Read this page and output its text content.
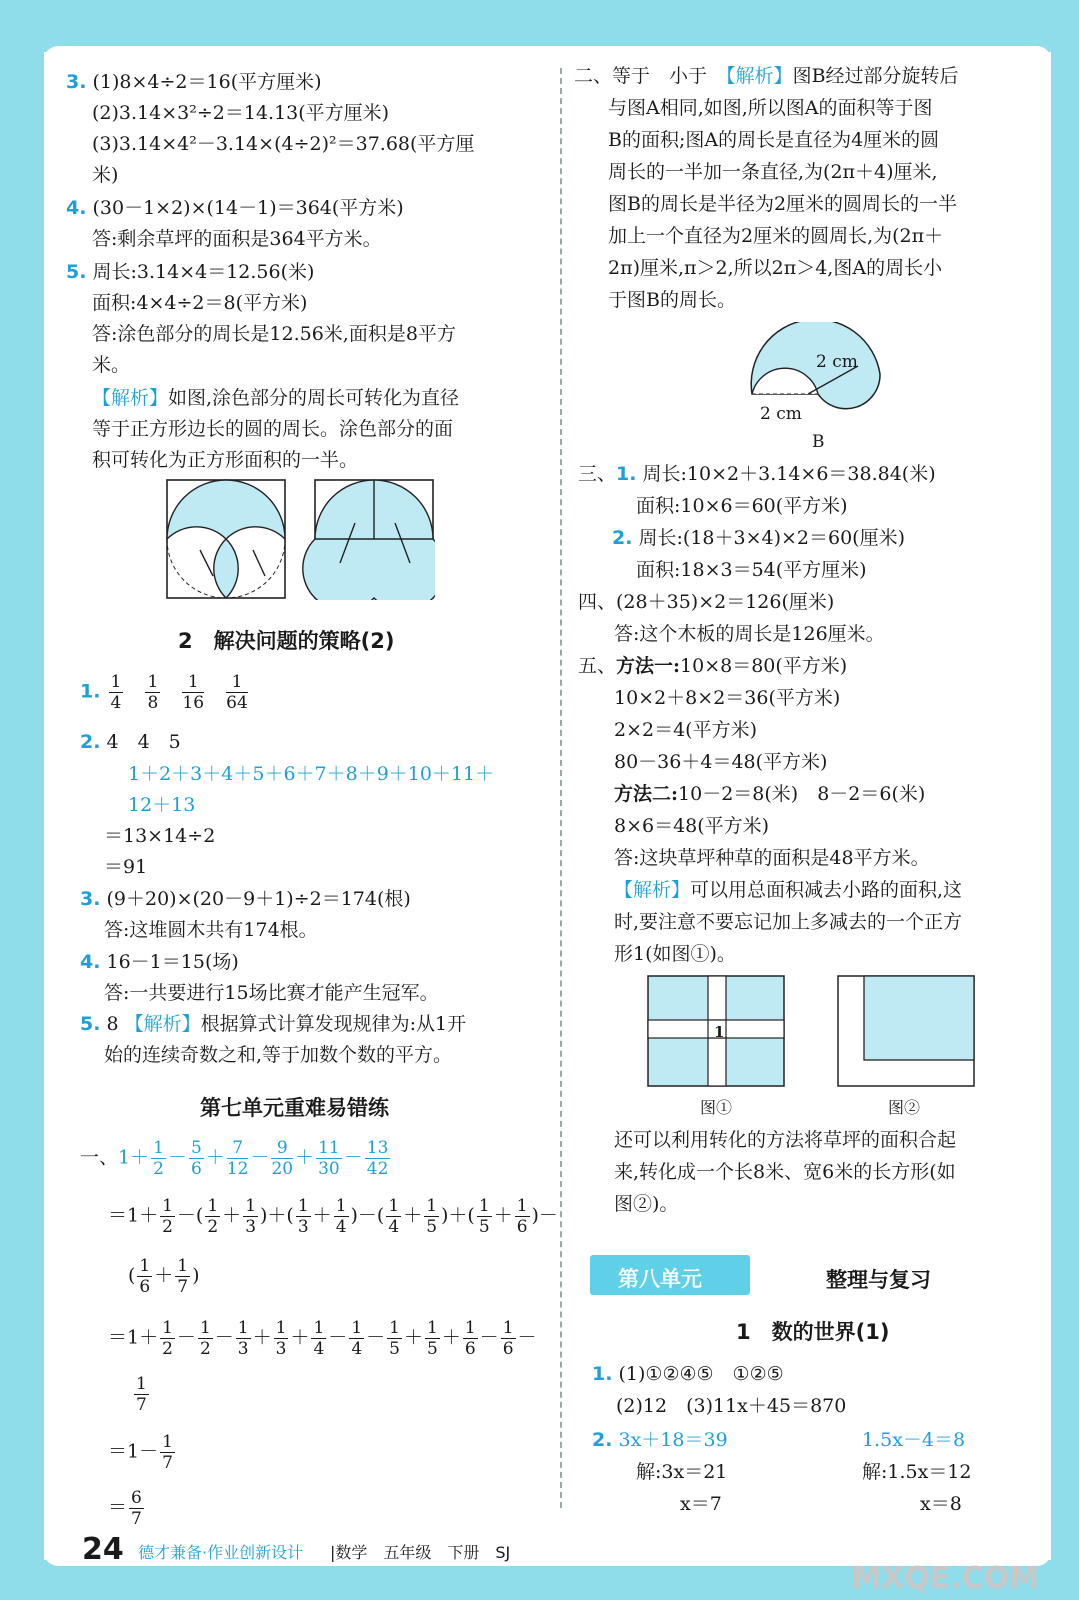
3. (1)8×4÷2＝16(平方厘米)
(2)3.14×3²÷2＝14.13(平方厘米)
(3)3.14×4²－3.14×(4÷2)²＝37.68(平方厘
米)
4. (30－1×2)×(14－1)＝364(平方米)
答:剩余草坪的面积是364平方米。
5. 周长:3.14×4＝12.56(米)
面积:4×4÷2＝8(平方米)
答:涂色部分的周长是12.56米,面积是8平方
米。
【解析】如图,涂色部分的周长可转化为直径
等于正方形边长的圆的周长。涂色部分的面
积可转化为正方形面积的一半。
2　解决问题的策略(2)
1. $\frac{1}{4}$
$\frac{1}{8}$
$\frac{1}{16}$
$\frac{1}{64}$
2. 4　4　5
1＋2＋3＋4＋5＋6＋7＋8＋9＋10＋11＋
12＋13
＝13×14÷2
＝91
3. (9＋20)×(20－9＋1)÷2＝174(根)
答:这堆圆木共有174根。
4. 16－1＝15(场)
答:一共要进行15场比赛才能产生冠军。
5. 8 【解析】根据算式计算发现规律为:从1开
始的连续奇数之和,等于加数个数的平方。
第七单元重难易错练
一、$1+ \frac{1}{2} - \frac{5}{6} + \frac{7}{12} - \frac{9}{20} + \frac{11}{30} - \frac{13}{42}$
$=1+ \frac{1}{2}$ －( $\frac{1}{2} + \frac{1}{3}$ )＋( $\frac{1}{3} + \frac{1}{4}$ )－( $\frac{1}{4} + \frac{1}{5}$ )＋( $\frac{1}{5} + \frac{1}{6}$ )－
( $\frac{1}{6} + \frac{1}{7}$ )
$=1+ \frac{1}{2} - \frac{1}{2} - \frac{1}{3} + \frac{1}{3} + \frac{1}{4} - \frac{1}{4} - \frac{1}{5} + \frac{1}{5} + \frac{1}{6} - \frac{1}{6}$ －
$\frac{1}{7}$
$=1- \frac{1}{7}$
＝ $\frac{6}{7}$
二、等于　小于　 【解析】图B经过部分旋转后
与图A相同,如图,所以图A的面积等于图
B的面积;图A的周长是直径为4厘米的圆
周长的一半加一条直径,为(2π＋4)厘米,
图B的周长是半径为2厘米的圆周长的一半
加上一个直径为2厘米的圆周长,为(2π＋
2π)厘米,π＞2,所以2π＞4,图A的周长小
于图B的周长。
2 cm
2 cm
B
三、1. 周长:10×2＋3.14×6＝38.84(米)
面积:10×6＝60(平方米)
2. 周长:(18＋3×4)×2＝60(厘米)
面积:18×3＝54(平方厘米)
四、(28＋35)×2＝126(厘米)
答:这个木板的周长是126厘米。
五、方法一:10×8＝80(平方米)
10×2＋8×2＝36(平方米)
2×2＝4(平方米)
80－36＋4＝48(平方米)
方法二:10－2＝8(米)　8－2＝6(米)
8×6＝48(平方米)
答:这块草坪种草的面积是48平方米。
【解析】可以用总面积减去小路的面积,这
时,要注意不要忘记加上多减去的一个正方
形1(如图①)。
1
图①	图②
还可以利用转化的方法将草坪的面积合起
来,转化成一个长8米、宽6米的长方形(如
图②)。
第八单元	整理与复习
1　数的世界(1)
1. (1)①②④⑤　①②⑤
(2)12　(3)11x＋45＝870
2. 3x＋18＝39	1.5x－4＝8
解:3x＝21	解:1.5x＝12
x＝7	x＝8
24 德才兼备·作业创新设计 |数学　五年级　下册　SJ
MXQE.COM
